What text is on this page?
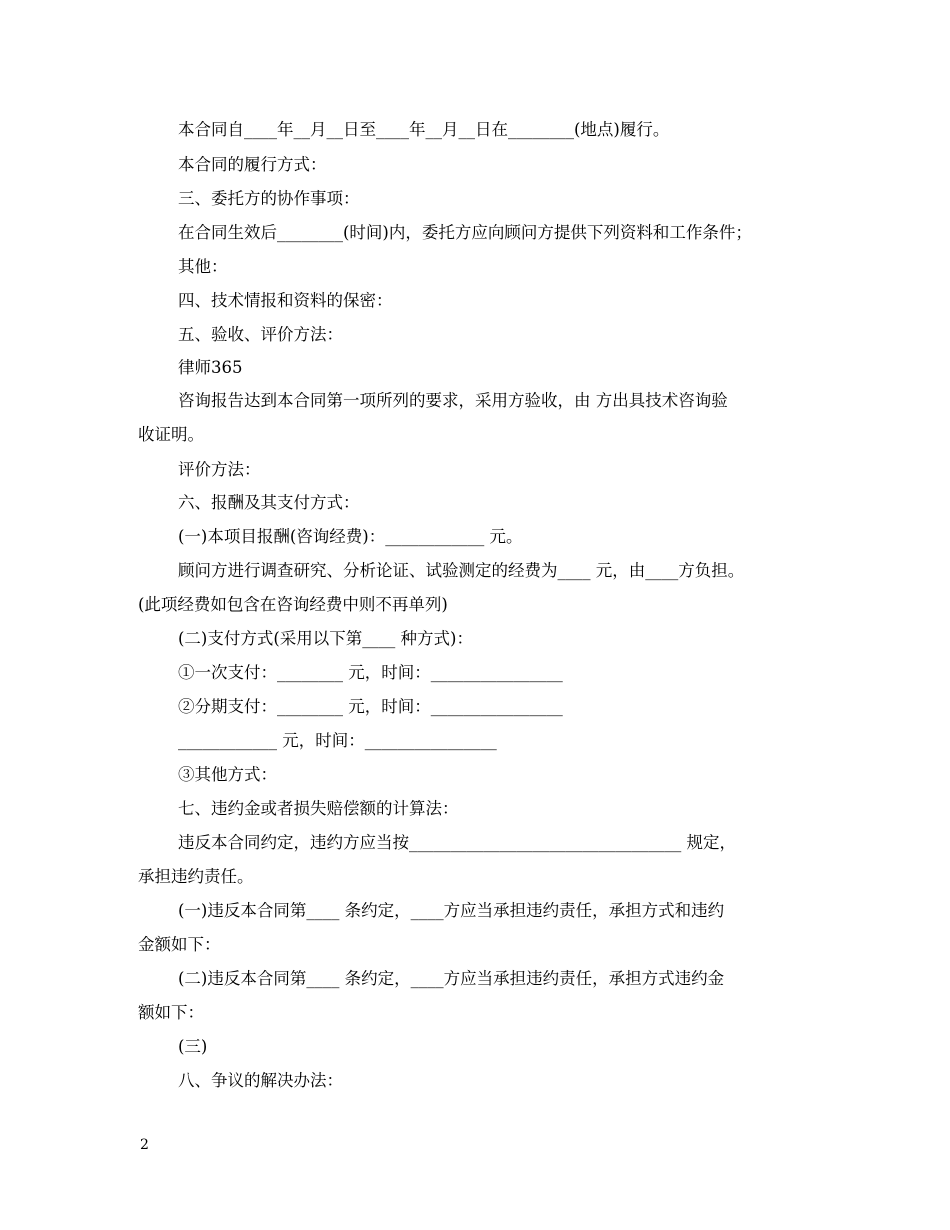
本合同自____年__月__日至____年__月__日在________(地点)履行。
本合同的履行方式：
三、委托方的协作事项：
在合同生效后________(时间)内，委托方应向顾问方提供下列资料和工作条件；
其他：
四、技术情报和资料的保密：
五、验收、评价方法：
律师365
咨询报告达到本合同第一项所列的要求，采用方验收，由 方出具技术咨询验
收证明。
评价方法：
六、报酬及其支付方式：
(一)本项目报酬(咨询经费)：____________ 元。
顾问方进行调查研究、分析论证、试验测定的经费为____ 元，由____方负担。
(此项经费如包含在咨询经费中则不再单列)
(二)支付方式(采用以下第____ 种方式)：
①一次支付：________ 元，时间：________________
②分期支付：________ 元，时间：________________
____________ 元，时间：________________
③其他方式：
七、违约金或者损失赔偿额的计算法：
违反本合同约定，违约方应当按_________________________________ 规定，
承担违约责任。
(一)违反本合同第____ 条约定，____方应当承担违约责任，承担方式和违约
金额如下：
(二)违反本合同第____ 条约定，____方应当承担违约责任，承担方式违约金
额如下：
(三)
八、争议的解决办法：
2
